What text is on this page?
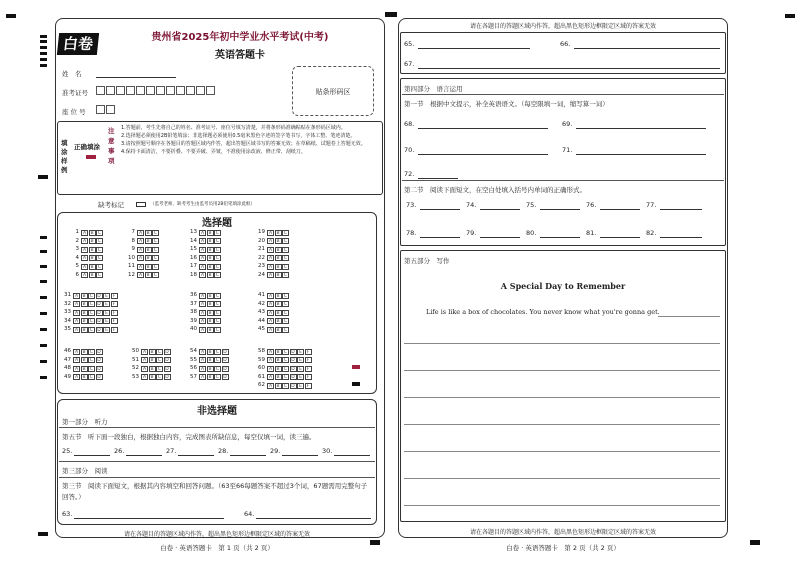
白卷	贵州省2025年初中学业水平考试(中考)
英语答题卡
姓　名
准考证号
座 位 号
贴条形码区
填涂样例
正确填涂
注意事项
1.答题前，考生先将自己的姓名、准考证号、座位号填写清楚，并将条形码准确粘贴在条形码区域内。
2.选择题必须使用2B铅笔填涂；非选择题必须使用0.5毫米黑色字迹的签字笔书写，字体工整、笔迹清楚。
3.请按照题号顺序在各题目的答题区域内作答，超出答题区域书写的答案无效；在草稿纸、试题卷上答题无效。
4.保持卡面清洁，不要折叠、不要弄破、弄皱，不准使用涂改液、修正带、刮纸刀。
缺考标记	（监考老师，缺考考生由监考员用2B铅笔填涂此框）
选择题
1 A B C
2 A B C
3 A B C
4 A B C
5 A B C
6 A B C
7 A B C
8 A B C
9 A B C
10 A B C
11 A B C
12 A B C
13 A B C
14 A B C
15 A B C
16 A B C
17 A B C
18 A B C
19 A B C
20 A B C
21 A B C
22 A B C
23 A B C
24 A B C
31 A B C D E F
32 A B C D E F
33 A B C D E F
34 A B C D E F
35 A B C D E F
36 A B C
37 A B C
38 A B C
39 A B C
40 A B C
41 A B C
42 A B C
43 A B C
44 A B C
45 A B C
46 A B C D
47 A B C D
48 A B C D
49 A B C D
50 A B C D
51 A B C D
52 A B C D
53 A B C D
54 A B C D
55 A B C D
56 A B C D
57 A B C D
58 A B C D E F
59 A B C D E F
60 A B C D E F
61 A B C D E F
62 A B C D E F
非选择题
第一部分　听力
第五节　听下面一段独白，根据独白内容，完成图表所缺信息，每空仅填一词，读三遍。
25.	26.	27.	28.	29.	30.
第三部分　阅读
第三节　阅读下面短文，根据其内容填空和回答问题。（63至66每题答案不超过3个词，67题需用完整句子回答。）
63.	64.
请在各题目的答题区域内作答，超出黑色矩形边框限定区域的答案无效
白卷 · 英语答题卡　第 1 页（共 2 页）
请在各题目的答题区域内作答，超出黑色矩形边框限定区域的答案无效
65.	66.
67.
第四部分　语言运用
第一节　根据中文提示，补全英语语文。（每空限填一词，缩写算一词）
68.	69.
70.	71.
72.
第二节　阅读下面短文，在空白处填入括号内单词的正确形式。
73.	74.	75.	76.	77.
78.	79.	80.	81.	82.
第五部分　写作
A Special Day to Remember
Life is like a box of chocolates. You never know what you're gonna get.
请在各题目的答题区域内作答，超出黑色矩形边框限定区域的答案无效
白卷 · 英语答题卡　第 2 页（共 2 页）
